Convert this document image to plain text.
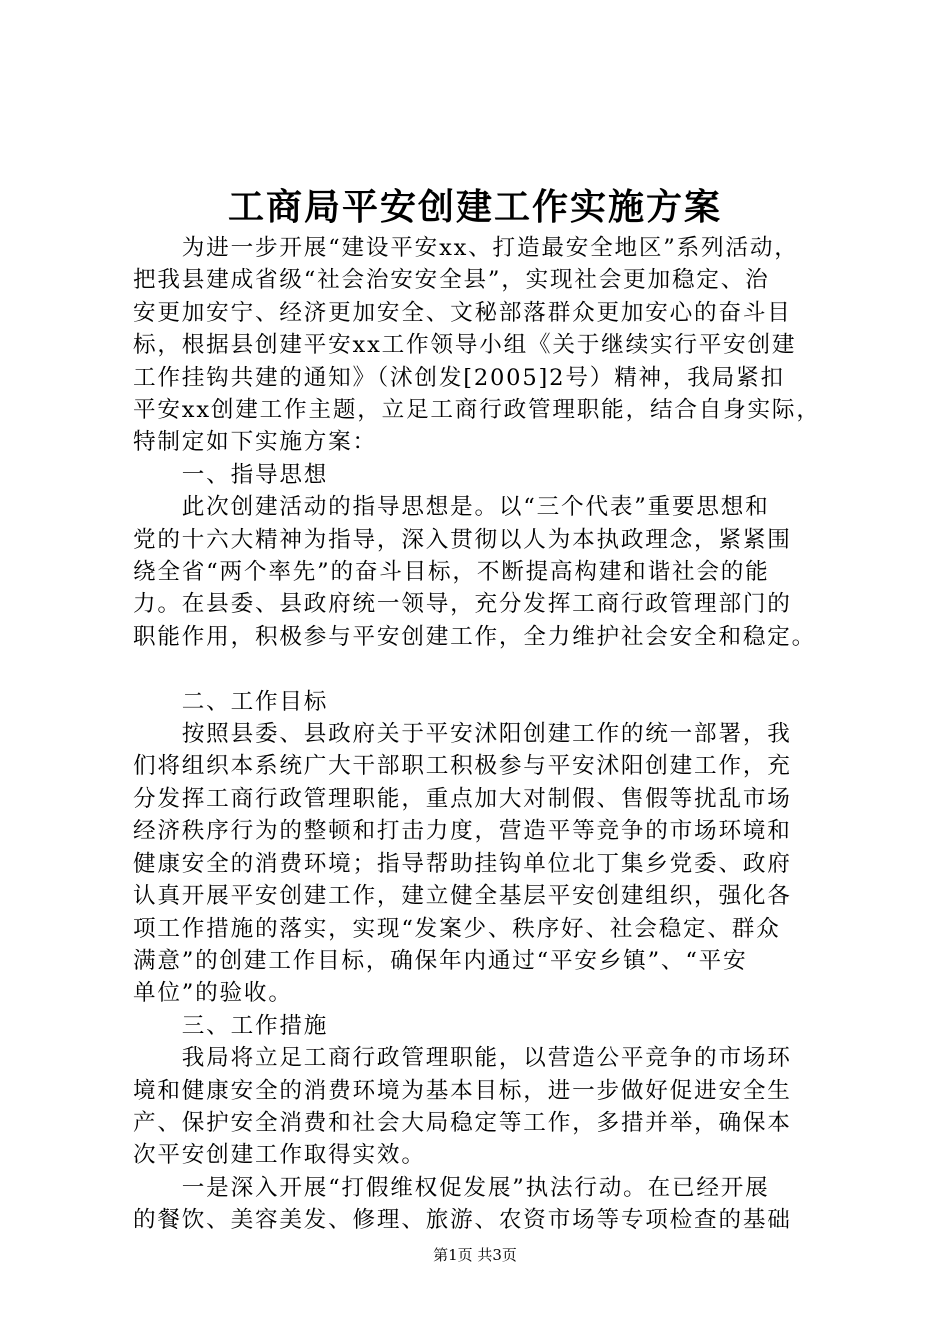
工商局平安创建工作实施方案
　　为进一步开展“建设平安xx、打造最安全地区”系列活动，
把我县建成省级“社会治安安全县”，实现社会更加稳定、治
安更加安宁、经济更加安全、文秘部落群众更加安心的奋斗目
标，根据县创建平安xx工作领导小组《关于继续实行平安创建
工作挂钩共建的通知》（沭创发[2005]2号）精神，我局紧扣
平安xx创建工作主题，立足工商行政管理职能，结合自身实际，
特制定如下实施方案：
　　一、指导思想
　　此次创建活动的指导思想是。以“三个代表”重要思想和
党的十六大精神为指导，深入贯彻以人为本执政理念，紧紧围
绕全省“两个率先”的奋斗目标，不断提高构建和谐社会的能
力。在县委、县政府统一领导，充分发挥工商行政管理部门的
职能作用，积极参与平安创建工作，全力维护社会安全和稳定。
　　二、工作目标
　　按照县委、县政府关于平安沭阳创建工作的统一部署，我
们将组织本系统广大干部职工积极参与平安沭阳创建工作，充
分发挥工商行政管理职能，重点加大对制假、售假等扰乱市场
经济秩序行为的整顿和打击力度，营造平等竞争的市场环境和
健康安全的消费环境；指导帮助挂钩单位北丁集乡党委、政府
认真开展平安创建工作，建立健全基层平安创建组织，强化各
项工作措施的落实，实现“发案少、秩序好、社会稳定、群众
满意”的创建工作目标，确保年内通过“平安乡镇”、“平安
单位”的验收。
　　三、工作措施
　　我局将立足工商行政管理职能，以营造公平竞争的市场环
境和健康安全的消费环境为基本目标，进一步做好促进安全生
产、保护安全消费和社会大局稳定等工作，多措并举，确保本
次平安创建工作取得实效。
　　一是深入开展“打假维权促发展”执法行动。在已经开展
的餐饮、美容美发、修理、旅游、农资市场等专项检查的基础
第1页 共3页
